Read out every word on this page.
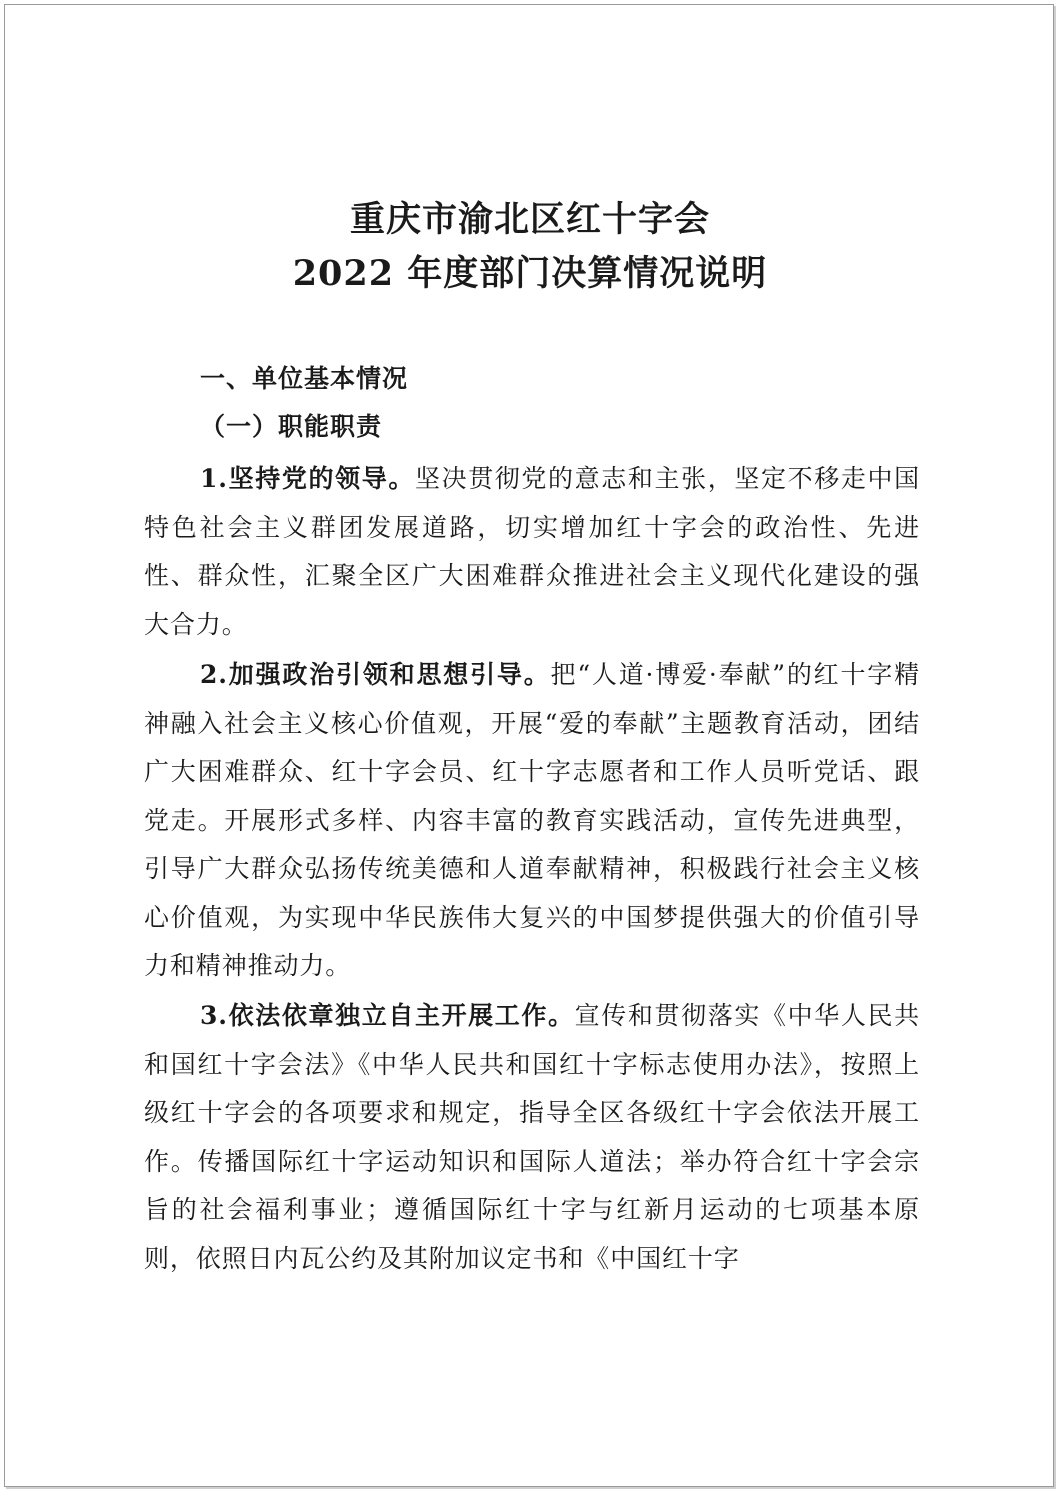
重庆市渝北区红十字会
2022 年度部门决算情况说明
一、单位基本情况
（一）职能职责

1.坚持党的领导。坚决贯彻党的意志和主张，坚定不移走中国特色社会主义群团发展道路，切实增加红十字会的政治性、先进性、群众性，汇聚全区广大困难群众推进社会主义现代化建设的强大合力。

2.加强政治引领和思想引导。把“人道·博爱·奉献”的红十字精神融入社会主义核心价值观，开展“爱的奉献”主题教育活动，团结广大困难群众、红十字会员、红十字志愿者和工作人员听党话、跟党走。开展形式多样、内容丰富的教育实践活动，宣传先进典型，引导广大群众弘扬传统美德和人道奉献精神，积极践行社会主义核心价值观，为实现中华民族伟大复兴的中国梦提供强大的价值引导力和精神推动力。

3.依法依章独立自主开展工作。宣传和贯彻落实《中华人民共和国红十字会法》《中华人民共和国红十字标志使用办法》，按照上级红十字会的各项要求和规定，指导全区各级红十字会依法开展工作。传播国际红十字运动知识和国际人道法；举办符合红十字会宗旨的社会福利事业；遵循国际红十字与红新月运动的七项基本原则，依照日内瓦公约及其附加议定书和《中国红十字
